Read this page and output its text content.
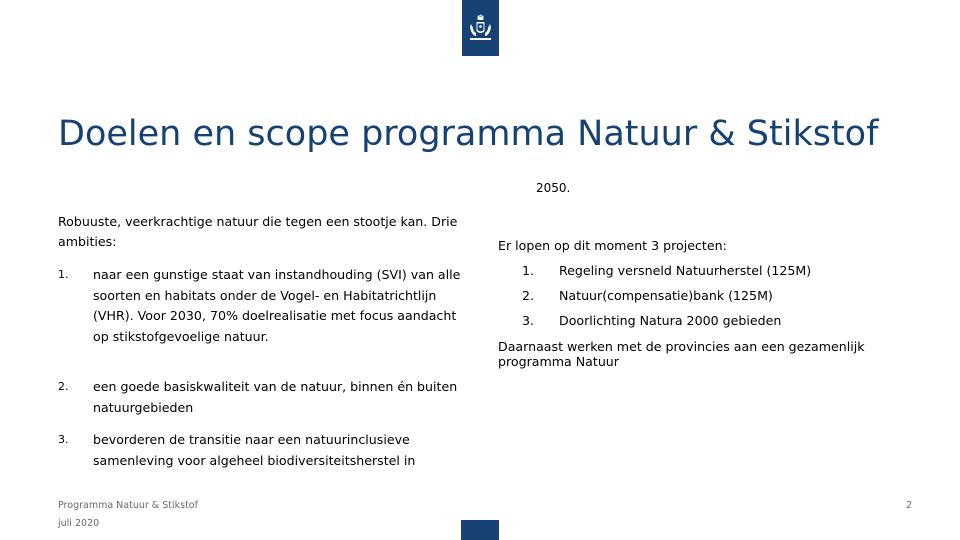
Doelen en scope programma Natuur & Stikstof
2050.

Robuuste, veerkrachtige natuur die tegen een stootje kan. Drie ambities:

1. naar een gunstige staat van instandhouding (SVI) van alle soorten en habitats onder de Vogel- en Habitatrichtlijn (VHR). Voor 2030, 70% doelrealisatie met focus aandacht op stikstofgevoelige natuur.
2. een goede basiskwaliteit van de natuur, binnen én buiten natuurgebieden
3. bevorderen de transitie naar een natuurinclusieve samenleving voor algeheel biodiversiteitsherstel in

Er lopen op dit moment 3 projecten:

1. Regeling versneld Natuurherstel (125M)
2. Natuur(compensatie)bank (125M)
3. Doorlichting Natura 2000 gebieden

Daarnaast werken met de provincies aan een gezamenlijk programma Natuur

Programma Natuur & Stikstof
juli 2020
2
